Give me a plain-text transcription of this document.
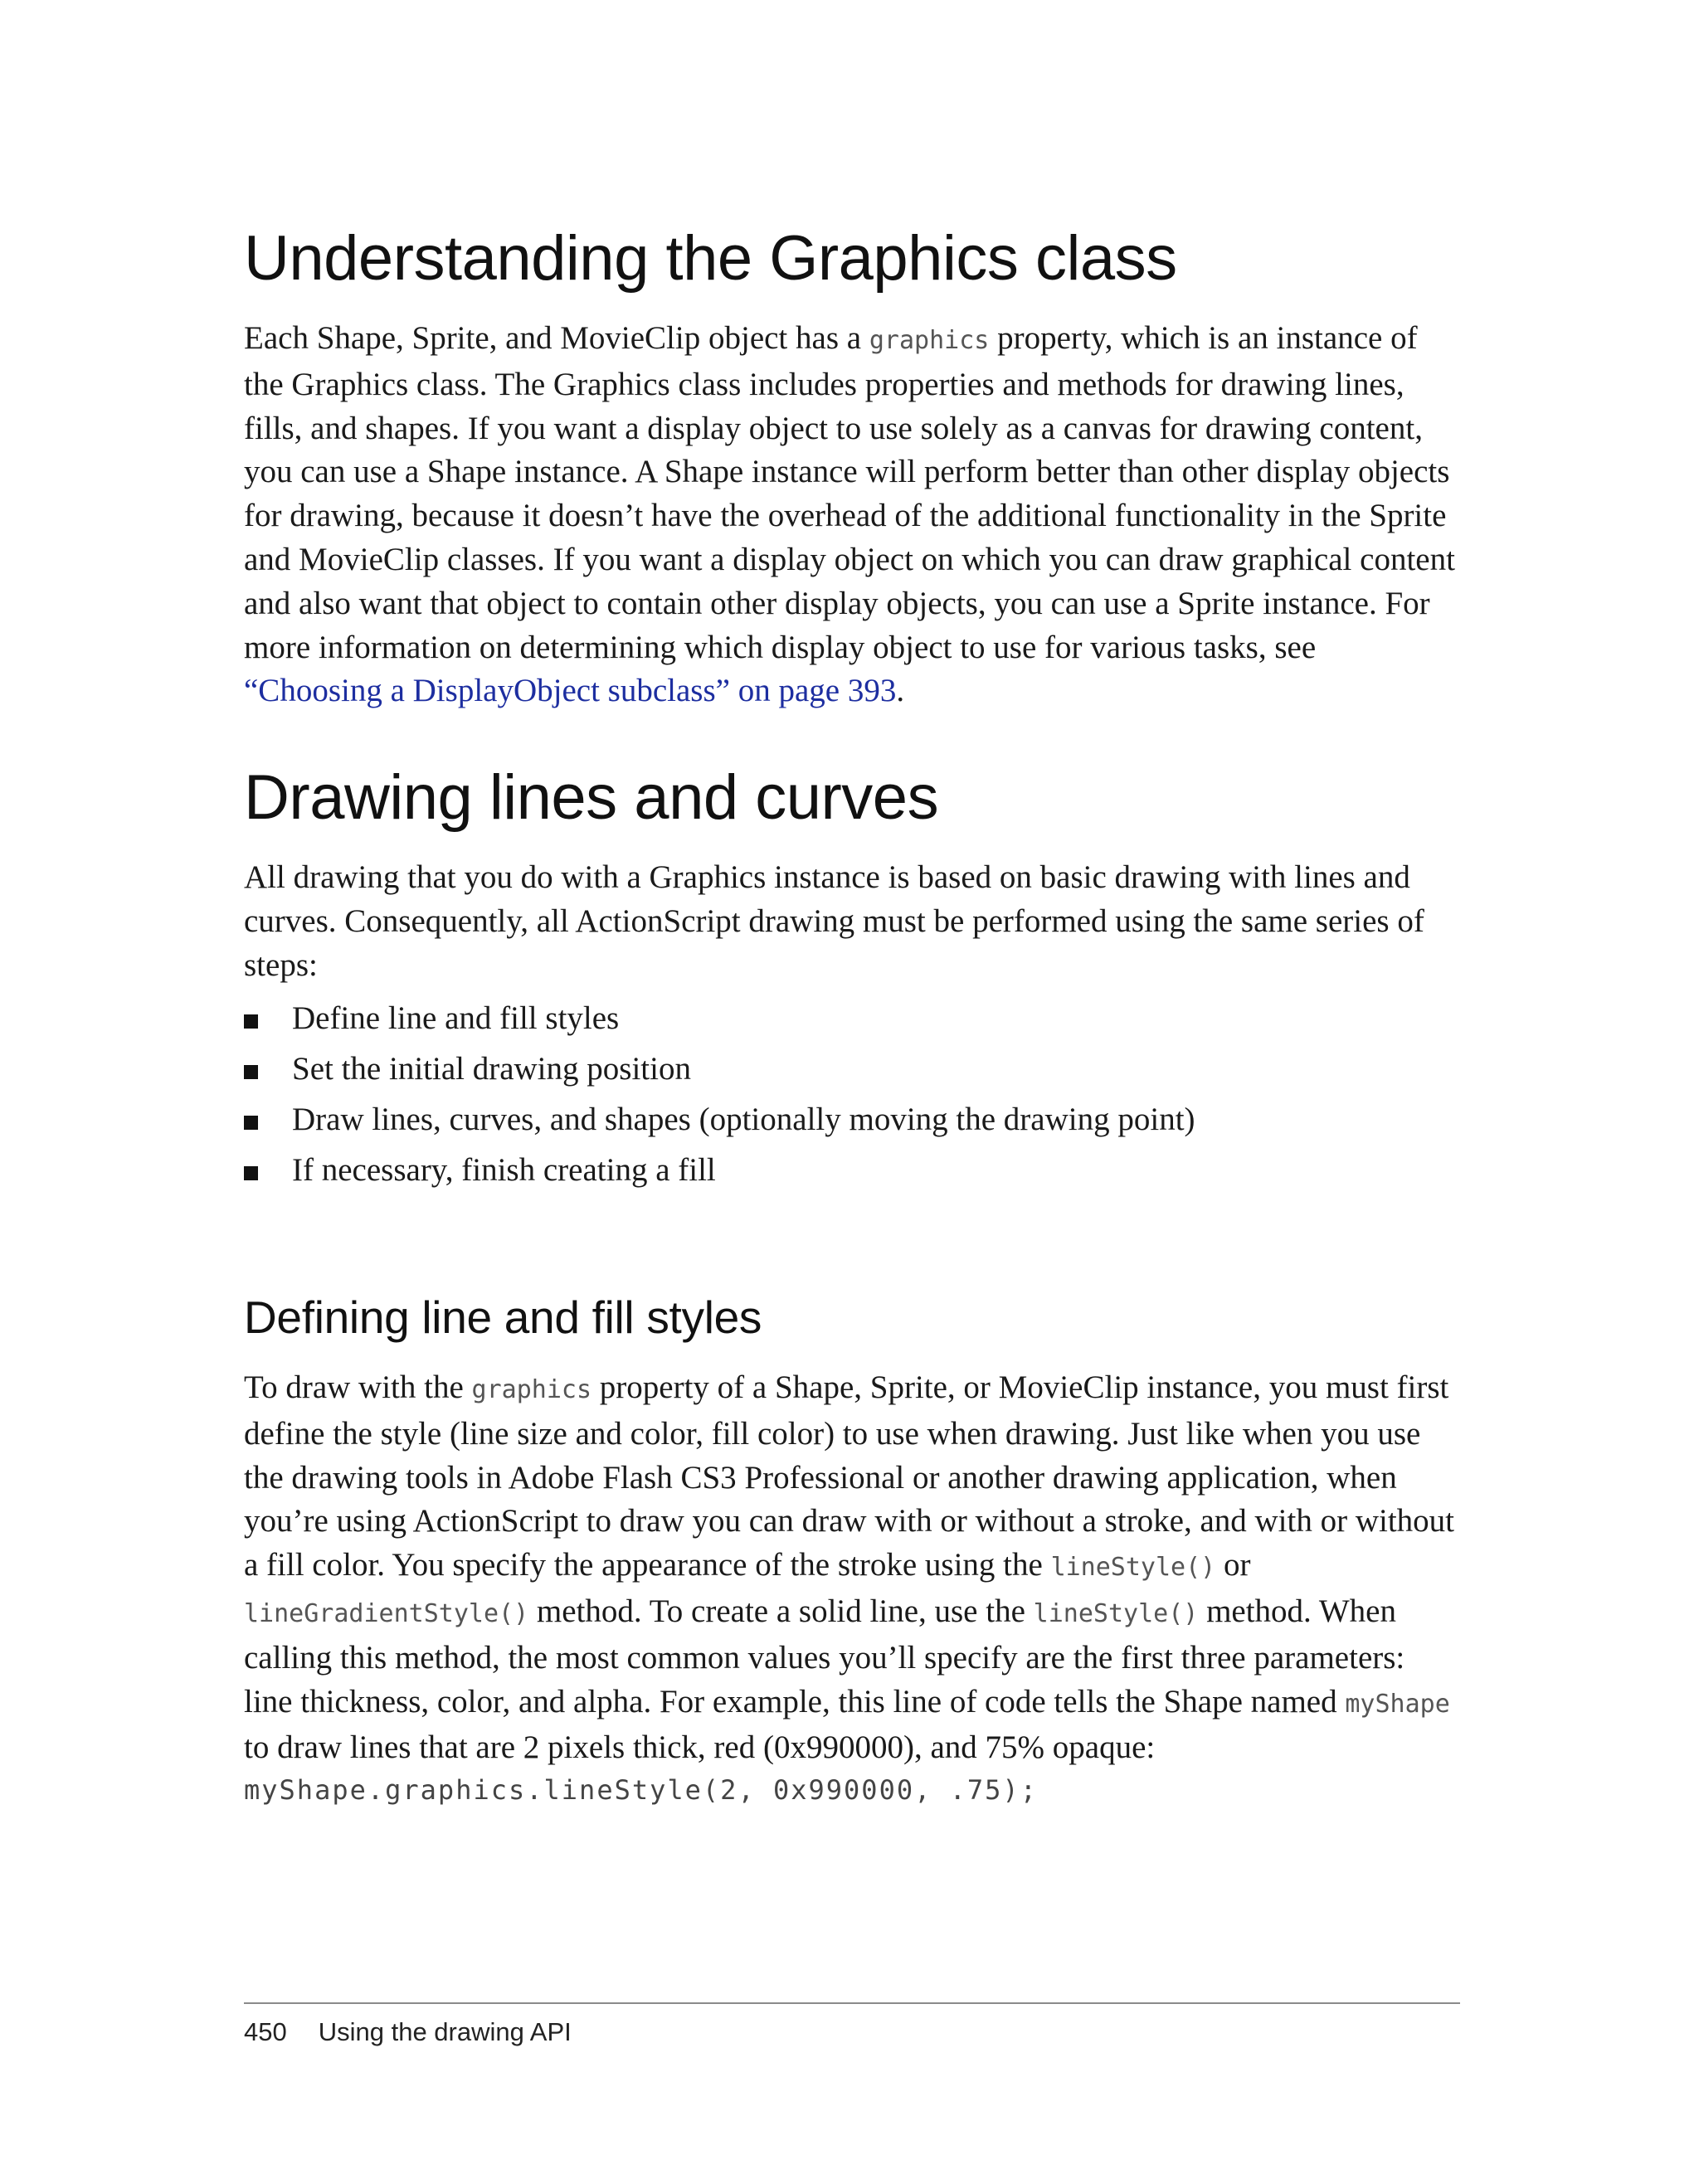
Understanding the Graphics class

Each Shape, Sprite, and MovieClip object has a graphics property, which is an instance of the Graphics class. The Graphics class includes properties and methods for drawing lines, fills, and shapes. If you want a display object to use solely as a canvas for drawing content, you can use a Shape instance. A Shape instance will perform better than other display objects for drawing, because it doesn’t have the overhead of the additional functionality in the Sprite and MovieClip classes. If you want a display object on which you can draw graphical content and also want that object to contain other display objects, you can use a Sprite instance. For more information on determining which display object to use for various tasks, see “Choosing a DisplayObject subclass” on page 393.

Drawing lines and curves

All drawing that you do with a Graphics instance is based on basic drawing with lines and curves. Consequently, all ActionScript drawing must be performed using the same series of steps:

Define line and fill styles
Set the initial drawing position
Draw lines, curves, and shapes (optionally moving the drawing point)
If necessary, finish creating a fill
Defining line and fill styles

To draw with the graphics property of a Shape, Sprite, or MovieClip instance, you must first define the style (line size and color, fill color) to use when drawing. Just like when you use the drawing tools in Adobe Flash CS3 Professional or another drawing application, when you’re using ActionScript to draw you can draw with or without a stroke, and with or without a fill color. You specify the appearance of the stroke using the lineStyle() or lineGradientStyle() method. To create a solid line, use the lineStyle() method. When calling this method, the most common values you’ll specify are the first three parameters: line thickness, color, and alpha. For example, this line of code tells the Shape named myShape to draw lines that are 2 pixels thick, red (0x990000), and 75% opaque:

myShape.graphics.lineStyle(2, 0x990000, .75);
450 Using the drawing API
